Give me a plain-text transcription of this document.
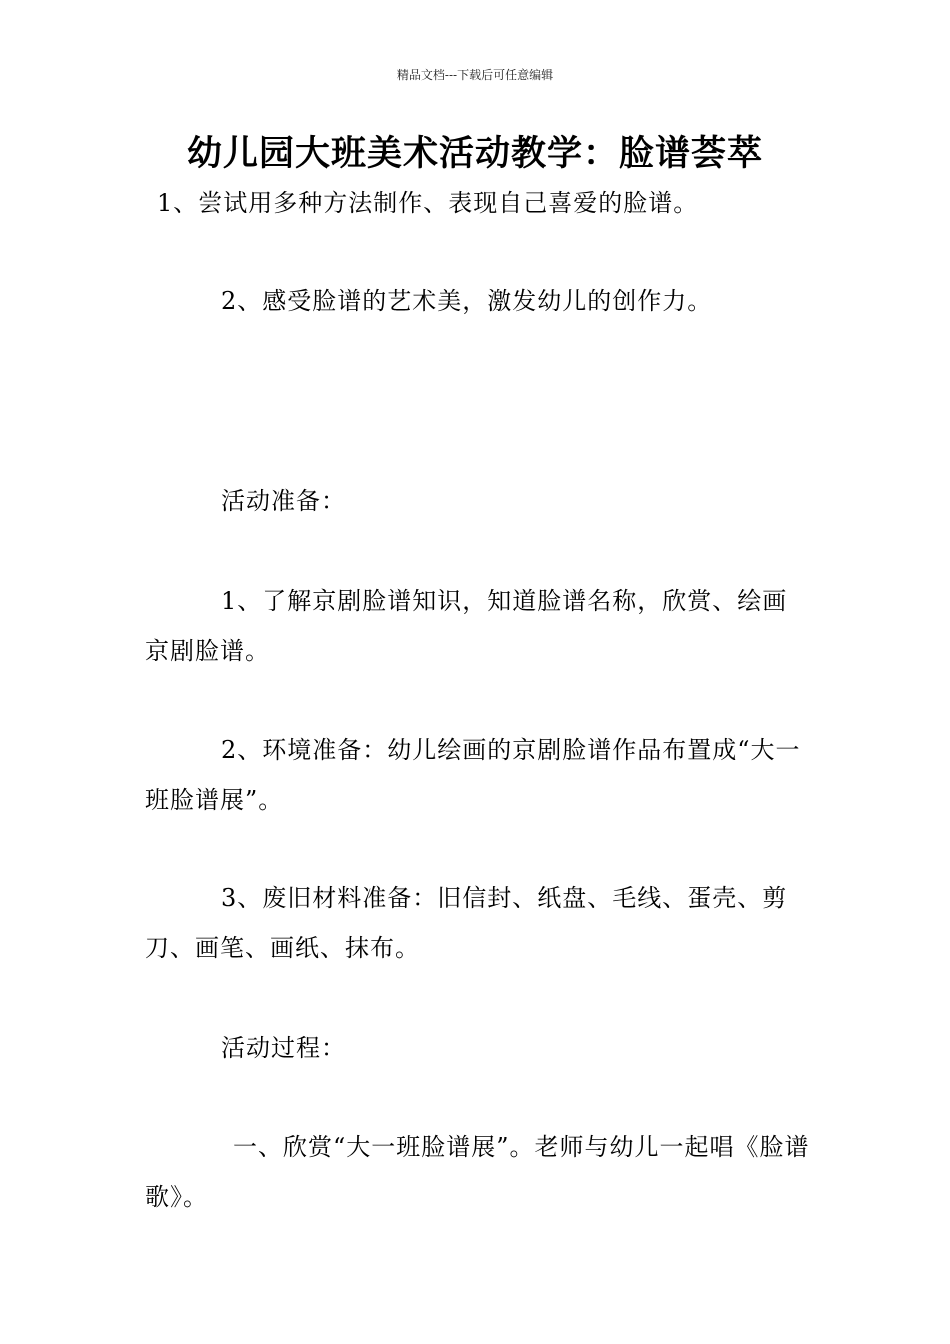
精品文档---下载后可任意编辑
幼儿园大班美术活动教学：脸谱荟萃

1、尝试用多种方法制作、表现自己喜爱的脸谱。

2、感受脸谱的艺术美，激发幼儿的创作力。

活动准备：

1、了解京剧脸谱知识，知道脸谱名称，欣赏、绘画京剧脸谱。

2、环境准备：幼儿绘画的京剧脸谱作品布置成“大一班脸谱展”。

3、废旧材料准备：旧信封、纸盘、毛线、蛋壳、剪刀、画笔、画纸、抹布。

活动过程：

一、欣赏“大一班脸谱展”。老师与幼儿一起唱《脸谱歌》。
